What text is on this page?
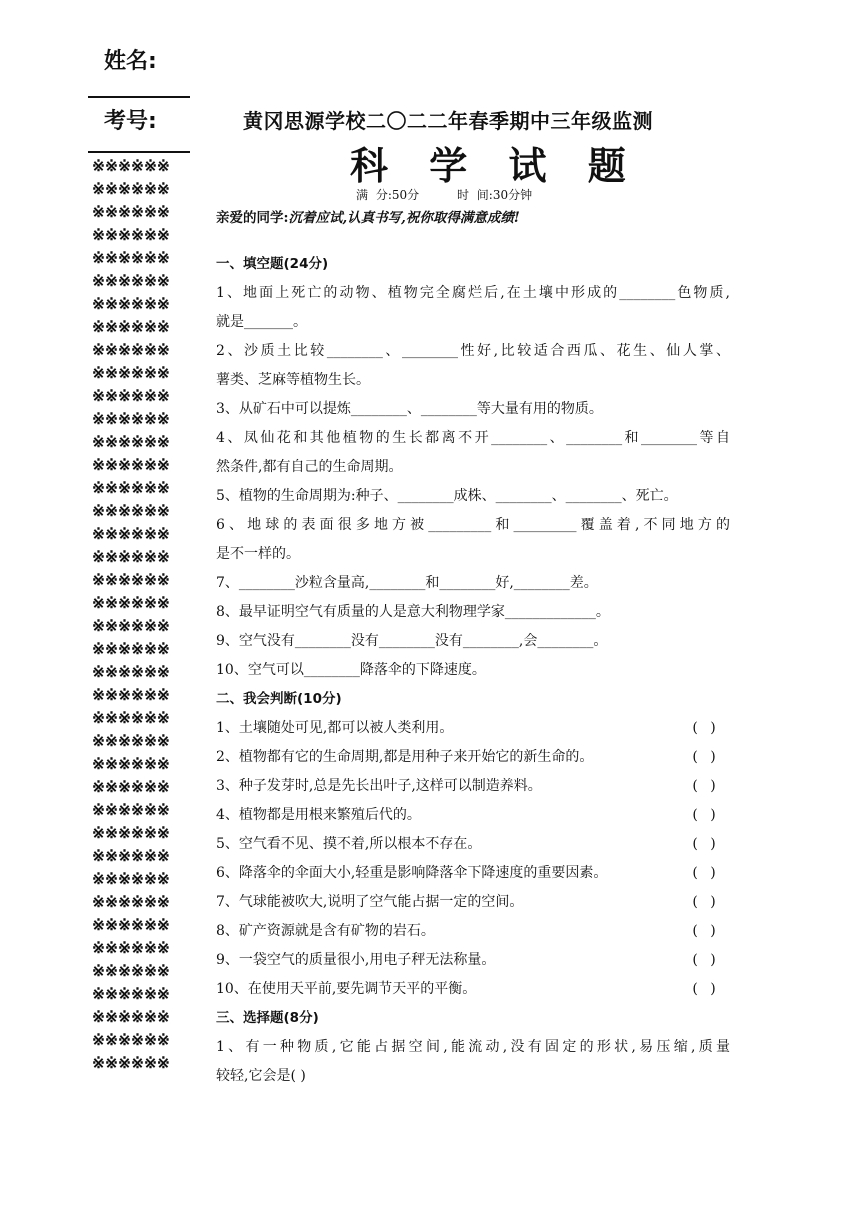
姓名:
考号:
※※※※※※
※※※※※※
※※※※※※
※※※※※※
※※※※※※
※※※※※※
※※※※※※
※※※※※※
※※※※※※
※※※※※※
※※※※※※
※※※※※※
※※※※※※
※※※※※※
※※※※※※
※※※※※※
※※※※※※
※※※※※※
※※※※※※
※※※※※※
※※※※※※
※※※※※※
※※※※※※
※※※※※※
※※※※※※
※※※※※※
※※※※※※
※※※※※※
※※※※※※
※※※※※※
※※※※※※
※※※※※※
※※※※※※
※※※※※※
※※※※※※
※※※※※※
※※※※※※
※※※※※※
※※※※※※
※※※※※※
黄冈思源学校二〇二二年春季期中三年级监测
科 学 试 题
满 分:50分	时 间:30分钟
亲爱的同学:沉着应试,认真书写,祝你取得满意成绩!
一、填空题(24分)
1、地面上死亡的动物、植物完全腐烂后,在土壤中形成的________色物质,
就是_______。
2、沙质土比较________、________性好,比较适合西瓜、花生、仙人掌、
薯类、芝麻等植物生长。
3、从矿石中可以提炼________、________等大量有用的物质。
4、凤仙花和其他植物的生长都离不开________、________和________等自
然条件,都有自己的生命周期。
5、植物的生命周期为:种子、________成株、________、________、死亡。
6、地球的表面很多地方被_________和_________覆盖着,不同地方的
是不一样的。
7、________沙粒含量高,________和________好,________差。
8、最早证明空气有质量的人是意大利物理学家_____________。
9、空气没有________没有________没有________,会________。
10、空气可以________降落伞的下降速度。
二、我会判断(10分)
1、土壤随处可见,都可以被人类利用。	( )
2、植物都有它的生命周期,都是用种子来开始它的新生命的。	( )
3、种子发芽时,总是先长出叶子,这样可以制造养料。	( )
4、植物都是用根来繁殖后代的。	( )
5、空气看不见、摸不着,所以根本不存在。	( )
6、降落伞的伞面大小,轻重是影响降落伞下降速度的重要因素。	( )
7、气球能被吹大,说明了空气能占据一定的空间。	( )
8、矿产资源就是含有矿物的岩石。	( )
9、一袋空气的质量很小,用电子秤无法称量。	( )
10、在使用天平前,要先调节天平的平衡。	( )
三、选择题(8分)
1、有一种物质,它能占据空间,能流动,没有固定的形状,易压缩,质量
较轻,它会是( )
